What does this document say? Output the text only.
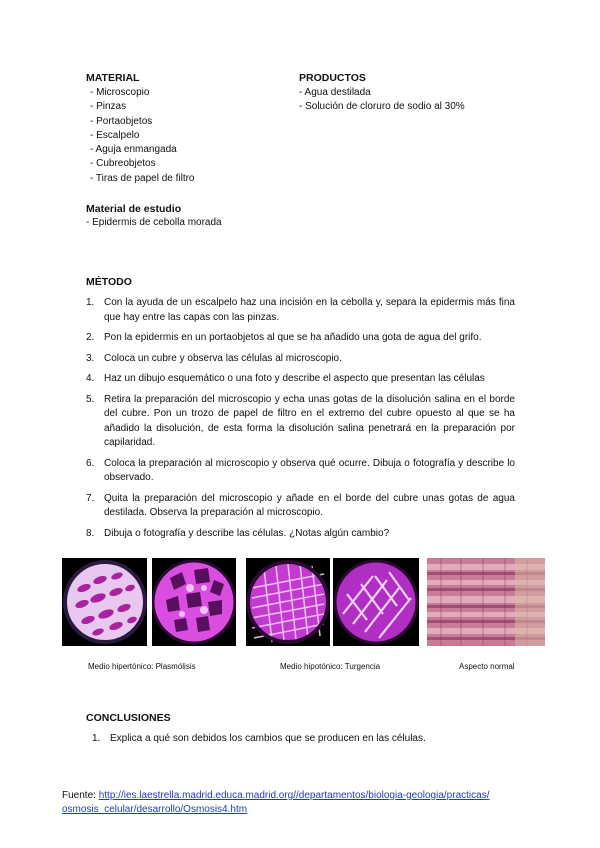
MATERIAL
- Microscopio
- Pinzas
- Portaobjetos
- Escalpelo
- Aguja enmangada
- Cubreobjetos
- Tiras de papel de filtro
PRODUCTOS
- Agua destilada
- Solución de cloruro de sodio al 30%
Material de estudio
- Epidermis de cebolla morada
MÉTODO
1. Con la ayuda de un escalpelo haz una incisión en la cebolla y, separa la epidermis más fina que hay entre las capas con las pinzas.
2. Pon la epidermis en un portaobjetos al que se ha añadido una gota de agua del grifo.
3. Coloca un cubre y observa las células al microscopio.
4. Haz un dibujo esquemático o una foto y describe el aspecto que presentan las células
5. Retira la preparación del microscopio y echa unas gotas de la disolución salina en el borde del cubre. Pon un trozo de papel de filtro en el extremo del cubre opuesto al que se ha añadido la disolución, de esta forma la disolución salina penetrará en la preparación por capilaridad.
6. Coloca la preparación al microscopio y observa qué ocurre. Dibuja o fotografía y describe lo observado.
7. Quita la preparación del microscopio y añade en el borde del cubre unas gotas de agua destilada. Observa la preparación al microscopio.
8. Dibuja o fotografía y describe las células. ¿Notas algún cambio?
Medio hipertónico: Plasmólisis	Medio hipotónico: Turgencia	Aspecto normal
CONCLUSIONES
1. Explica a qué son debidos los cambios que se producen en las células.
Fuente: http://ies.laestrella.madrid.educa.madrid.org//departamentos/biologia-geologia/practicas/
osmosis_celular/desarrollo/Osmosis4.htm
